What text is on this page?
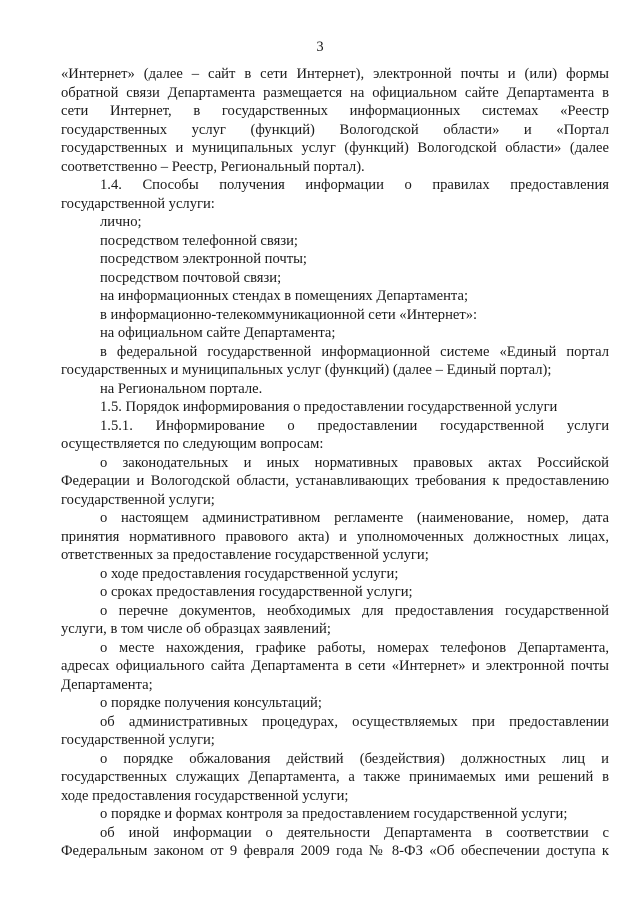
3
«Интернет» (далее – сайт в сети Интернет), электронной почты и (или) формы
обратной связи Департамента размещается на официальном сайте Департамента в
сети Интернет, в государственных информационных системах «Реестр
государственных услуг (функций) Вологодской области» и «Портал
государственных и муниципальных услуг (функций) Вологодской области» (далее
соответственно – Реестр, Региональный портал).
1.4. Способы получения информации о правилах предоставления
государственной услуги:
лично;
посредством телефонной связи;
посредством электронной почты;
посредством почтовой связи;
на информационных стендах в помещениях Департамента;
в информационно-телекоммуникационной сети «Интернет»:
на официальном сайте Департамента;
в федеральной государственной информационной системе «Единый портал
государственных и муниципальных услуг (функций) (далее – Единый портал);
на Региональном портале.
1.5. Порядок информирования о предоставлении государственной услуги
1.5.1. Информирование о предоставлении государственной услуги
осуществляется по следующим вопросам:
о законодательных и иных нормативных правовых актах Российской
Федерации и Вологодской области, устанавливающих требования к предоставлению
государственной услуги;
о настоящем административном регламенте (наименование, номер, дата
принятия нормативного правового акта) и уполномоченных должностных лицах,
ответственных за предоставление государственной услуги;
о ходе предоставления государственной услуги;
о сроках предоставления государственной услуги;
о перечне документов, необходимых для предоставления государственной
услуги, в том числе об образцах заявлений;
о месте нахождения, графике работы, номерах телефонов Департамента,
адресах официального сайта Департамента в сети «Интернет» и электронной почты
Департамента;
о порядке получения консультаций;
об административных процедурах, осуществляемых при предоставлении
государственной услуги;
о порядке обжалования действий (бездействия) должностных лиц и
государственных служащих Департамента, а также принимаемых ими решений в
ходе предоставления государственной услуги;
о порядке и формах контроля за предоставлением государственной услуги;
об иной информации о деятельности Департамента в соответствии с
Федеральным законом от 9 февраля 2009 года № 8-ФЗ «Об обеспечении доступа к
